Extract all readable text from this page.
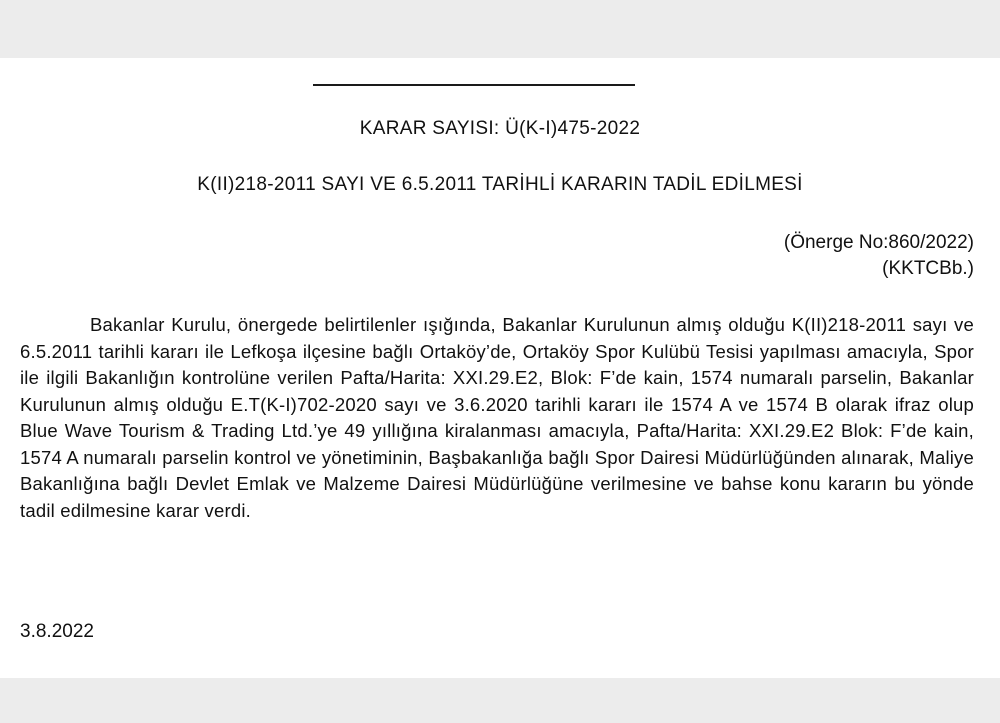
KARAR SAYISI: Ü(K-I)475-2022
K(II)218-2011 SAYI VE 6.5.2011 TARİHLİ KARARIN TADİL EDİLMESİ
(Önerge No:860/2022)
(KKTCBb.)

Bakanlar Kurulu, önergede belirtilenler ışığında, Bakanlar Kurulunun almış olduğu K(II)218-2011 sayı ve 6.5.2011 tarihli kararı ile Lefkoşa ilçesine bağlı Ortaköy’de, Ortaköy Spor Kulübü Tesisi yapılması amacıyla, Spor ile ilgili Bakanlığın kontrolüne verilen Pafta/Harita: XXI.29.E2, Blok: F’de kain, 1574 numaralı parselin, Bakanlar Kurulunun almış olduğu E.T(K-I)702-2020 sayı ve 3.6.2020 tarihli kararı ile 1574 A ve 1574 B olarak ifraz olup Blue Wave Tourism & Trading Ltd.’ye 49 yıllığına kiralanması amacıyla, Pafta/Harita: XXI.29.E2 Blok: F’de kain, 1574 A numaralı parselin kontrol ve yönetiminin, Başbakanlığa bağlı Spor Dairesi Müdürlüğünden alınarak, Maliye Bakanlığına bağlı Devlet Emlak ve Malzeme Dairesi Müdürlüğüne verilmesine ve bahse konu kararın bu yönde tadil edilmesine karar verdi.

3.8.2022
